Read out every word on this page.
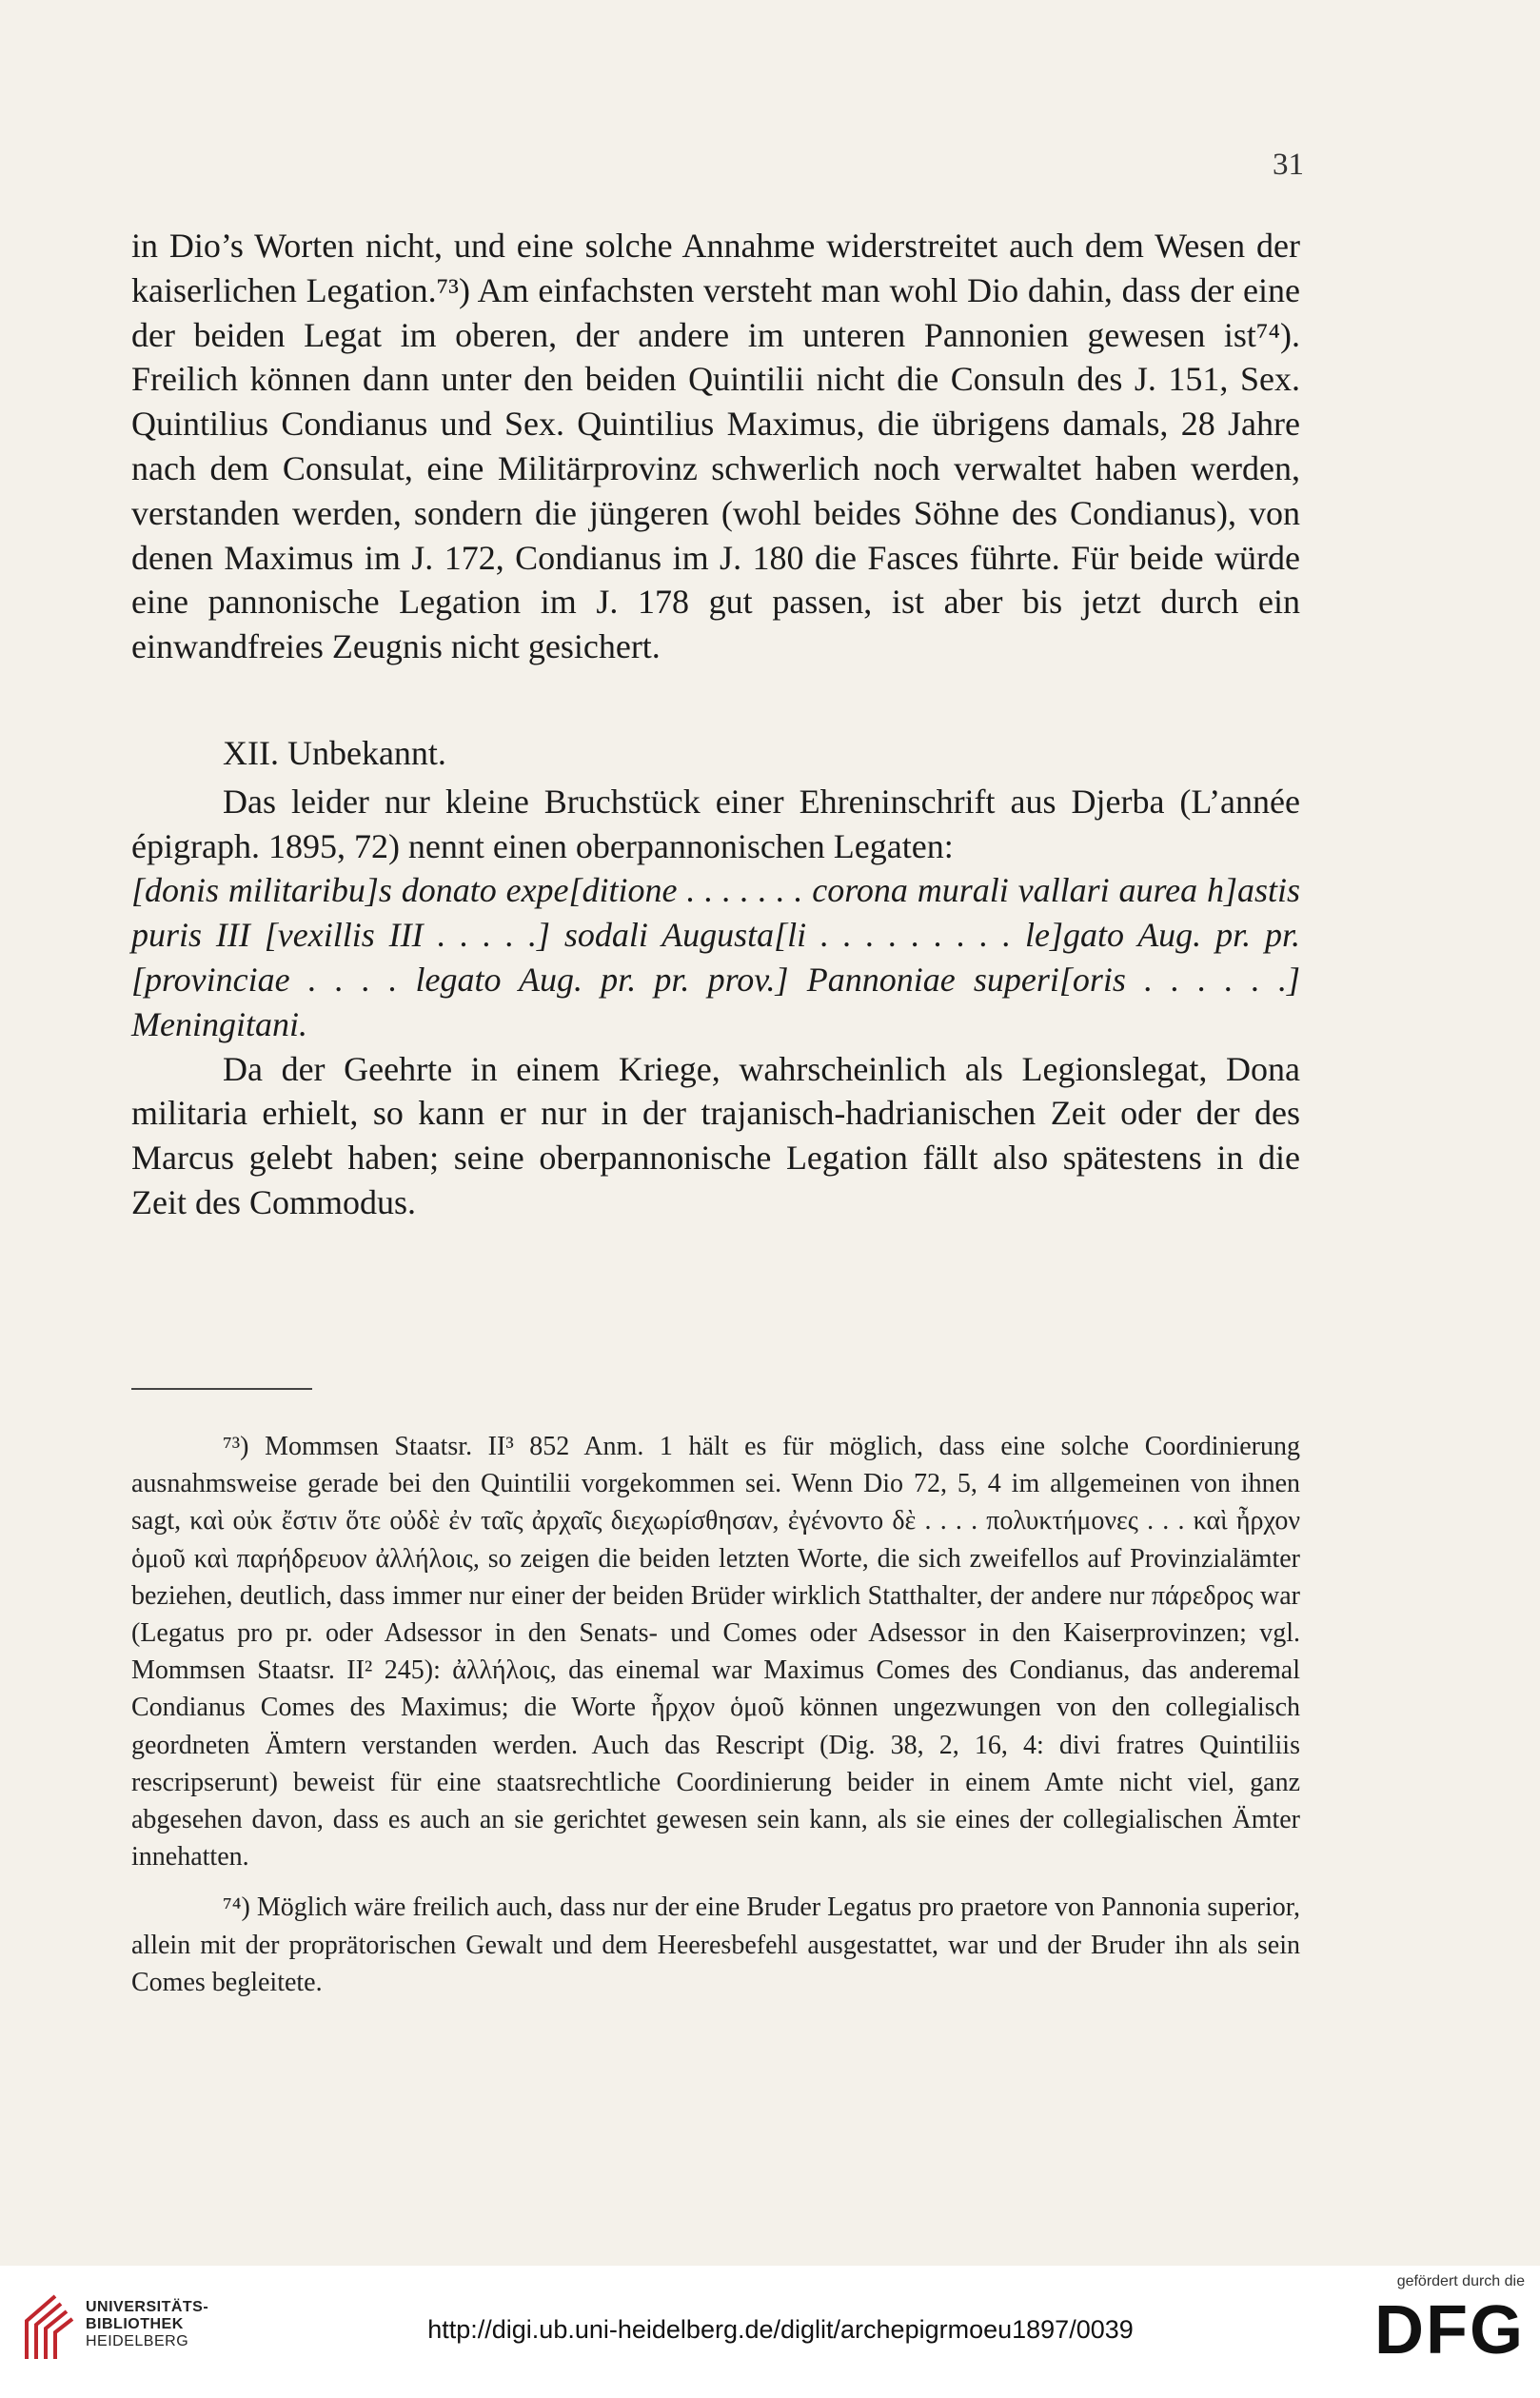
31

in Dio’s Worten nicht, und eine solche Annahme widerstreitet auch dem Wesen der kaiserlichen Legation.⁷³) Am einfachsten versteht man wohl Dio dahin, dass der eine der beiden Legat im oberen, der andere im unteren Pannonien gewesen ist⁷⁴). Freilich können dann unter den beiden Quintilii nicht die Consuln des J. 151, Sex. Quintilius Condianus und Sex. Quintilius Maximus, die übrigens damals, 28 Jahre nach dem Consulat, eine Militärprovinz schwerlich noch verwaltet haben werden, verstanden werden, sondern die jüngeren (wohl beides Söhne des Condianus), von denen Maximus im J. 172, Condianus im J. 180 die Fasces führte. Für beide würde eine pannonische Legation im J. 178 gut passen, ist aber bis jetzt durch ein einwandfreies Zeugnis nicht gesichert.

XII. Unbekannt.

Das leider nur kleine Bruchstück einer Ehreninschrift aus Djerba (L’année épigraph. 1895, 72) nennt einen oberpannonischen Legaten:

[donis militaribu]s donato expe[ditione . . . . . . . corona murali vallari aurea h]astis puris III [vexillis III . . . . .] sodali Augusta[li . . . . . . . . . le]gato Aug. pr. pr. [provinciae . . . . legato Aug. pr. pr. prov.] Pannoniae superi[oris . . . . . .] Meningitani.

Da der Geehrte in einem Kriege, wahrscheinlich als Legionslegat, Dona militaria erhielt, so kann er nur in der trajanisch-hadrianischen Zeit oder der des Marcus gelebt haben; seine oberpannonische Legation fällt also spätestens in die Zeit des Commodus.

⁷³) Mommsen Staatsr. II³ 852 Anm. 1 hält es für möglich, dass eine solche Coordinierung ausnahmsweise gerade bei den Quintilii vorgekommen sei. Wenn Dio 72, 5, 4 im allgemeinen von ihnen sagt, καὶ οὐκ ἔστιν ὅτε οὐδὲ ἐν ταῖς ἀρχαῖς διεχωρίσθησαν, ἐγένοντο δὲ . . . . πολυκτήμονες . . . καὶ ἦρχον ὁμοῦ καὶ παρήδρευον ἀλλήλοις, so zeigen die beiden letzten Worte, die sich zweifellos auf Provinzialämter beziehen, deutlich, dass immer nur einer der beiden Brüder wirklich Statthalter, der andere nur πάρεδρος war (Legatus pro pr. oder Adsessor in den Senats- und Comes oder Adsessor in den Kaiserprovinzen; vgl. Mommsen Staatsr. II² 245): ἀλλήλοις, das einemal war Maximus Comes des Condianus, das anderemal Condianus Comes des Maximus; die Worte ἦρχον ὁμοῦ können ungezwungen von den collegialisch geordneten Ämtern verstanden werden. Auch das Rescript (Dig. 38, 2, 16, 4: divi fratres Quintiliis rescripserunt) beweist für eine staatsrechtliche Coordinierung beider in einem Amte nicht viel, ganz abgesehen davon, dass es auch an sie gerichtet gewesen sein kann, als sie eines der collegialischen Ämter innehatten.

⁷⁴) Möglich wäre freilich auch, dass nur der eine Bruder Legatus pro praetore von Pannonia superior, allein mit der proprätorischen Gewalt und dem Heeresbefehl ausgestattet, war und der Bruder ihn als sein Comes begleitete.

UNIVERSITÄTS-
BIBLIOTHEK
HEIDELBERG	http://digi.ub.uni-heidelberg.de/diglit/archepigrmoeu1897/0039
gefördert durch die
DFG
